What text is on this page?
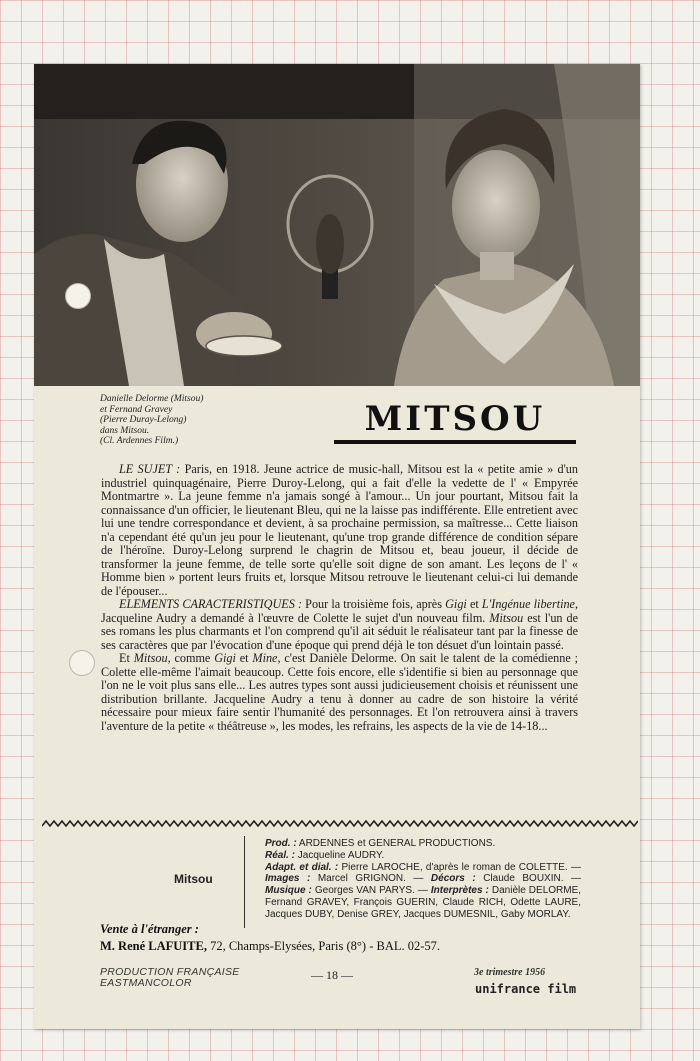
Danielle Delorme (Mitsou)
et Fernand Gravey
(Pierre Duray-Lelong)
dans Mitsou.
(Cl. Ardennes Film.)
MITSOU

LE SUJET : Paris, en 1918. Jeune actrice de music-hall, Mitsou est la « petite amie » d'un industriel quinquagénaire, Pierre Duroy-Lelong, qui a fait d'elle la vedette de l' « Empyrée Montmartre ». La jeune femme n'a jamais songé à l'amour... Un jour pourtant, Mitsou fait la connaissance d'un officier, le lieutenant Bleu, qui ne la laisse pas indifférente. Elle entretient avec lui une tendre correspondance et devient, à sa prochaine permission, sa maîtresse... Cette liaison n'a cependant été qu'un jeu pour le lieutenant, qu'une trop grande différence de condition sépare de l'héroïne. Duroy-Lelong surprend le chagrin de Mitsou et, beau joueur, il décide de transformer la jeune femme, de telle sorte qu'elle soit digne de son amant. Les leçons de l' « Homme bien » portent leurs fruits et, lorsque Mitsou retrouve le lieutenant celui-ci lui demande de l'épouser...

ELEMENTS CARACTERISTIQUES : Pour la troisième fois, après Gigi et L'Ingénue libertine, Jacqueline Audry a demandé à l'œuvre de Colette le sujet d'un nouveau film. Mitsou est l'un de ses romans les plus charmants et l'on comprend qu'il ait séduit le réalisateur tant par la finesse de ses caractères que par l'évocation d'une époque qui prend déjà le ton désuet d'un lointain passé.

Et Mitsou, comme Gigi et Mine, c'est Danièle Delorme. On sait le talent de la comédienne ; Colette elle-même l'aimait beaucoup. Cette fois encore, elle s'identifie si bien au personnage que l'on ne le voit plus sans elle... Les autres types sont aussi judicieusement choisis et réunissent une distribution brillante. Jacqueline Audry a tenu à donner au cadre de son histoire la vérité nécessaire pour mieux faire sentir l'humanité des personnages. Et l'on retrouvera ainsi à travers l'aventure de la petite « théâtreuse », les modes, les refrains, les aspects de la vie de 14-18...

Mitsou
Prod. : ARDENNES et GENERAL PRODUCTIONS.
Réal. : Jacqueline AUDRY.
Adapt. et dial. : Pierre LAROCHE, d'après le roman de COLETTE. — Images : Marcel GRIGNON. — Décors : Claude BOUXIN. — Musique : Georges VAN PARYS. — Interprètes : Danièle DELORME, Fernand GRAVEY, François GUERIN, Claude RICH, Odette LAURE, Jacques DUBY, Denise GREY, Jacques DUMESNIL, Gaby MORLAY.
Vente à l'étranger :
M. René LAFUITE, 72, Champs-Elysées, Paris (8°) - BAL. 02-57.
PRODUCTION FRANÇAISE
EASTMANCOLOR
— 18 —	3e trimestre 1956
unifrance film
